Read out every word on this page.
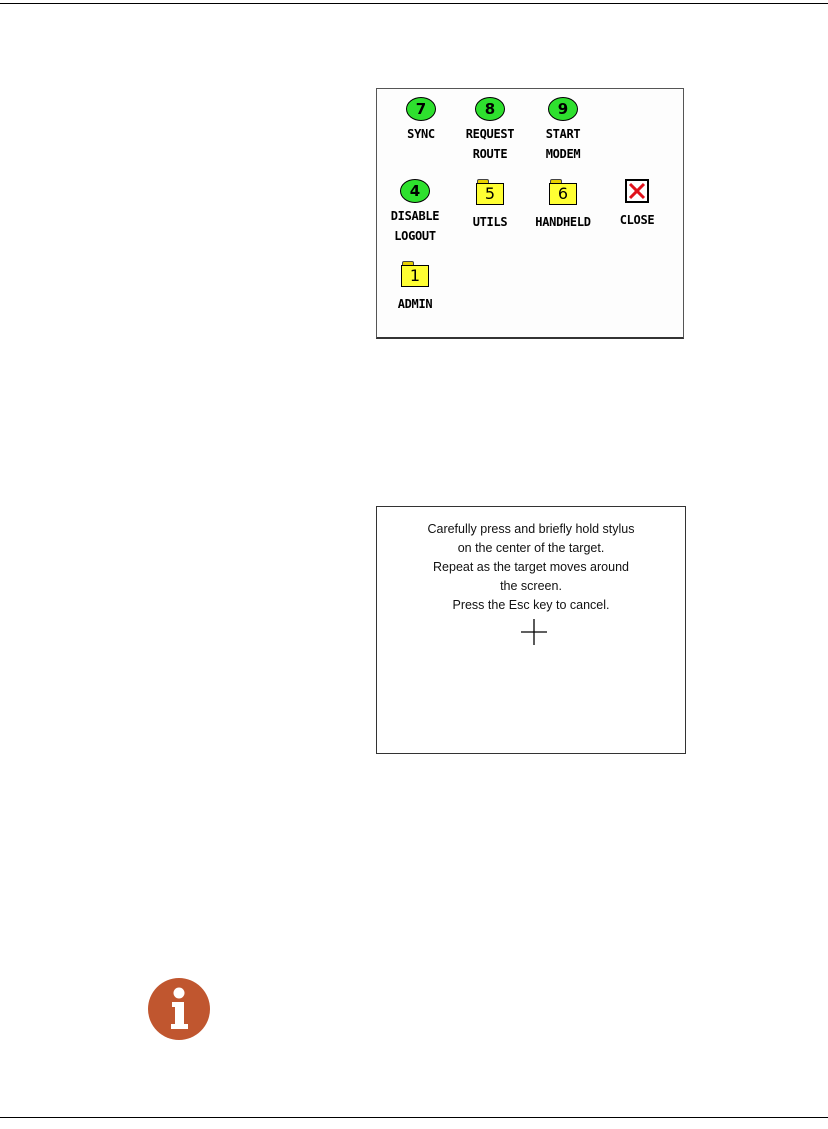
7
SYNC
8
REQUEST
ROUTE
9
START
MODEM
4
DISABLE
LOGOUT
5
UTILS
6
HANDHELD	CLOSE
1
ADMIN
Carefully press and briefly hold stylus
on the center of the target.
Repeat as the target moves around
the screen.
Press the Esc key to cancel.
